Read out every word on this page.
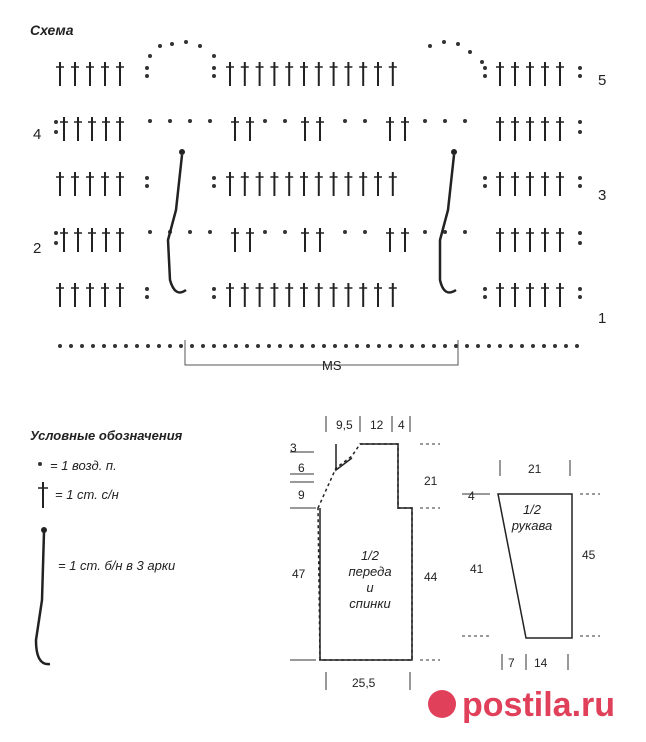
Схема
5
4
3
2
1
MS
Условные обозначения
= 1 возд. п.
= 1 ст. с/н
= 1 ст. б/н в 3 арки
9,5 12 4
3
6
9
21
44
47
25,5
1/2
переда
и
спинки
21
4
41
45
7 14
1/2
рукава
postila.ru
